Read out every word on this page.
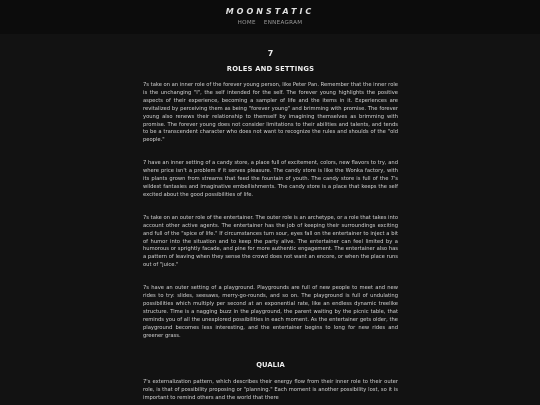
MOONSTATIC
HOME ENNEAGRAM
7
ROLES AND SETTINGS

7s take on an inner role of the forever young person, like Peter Pan. Remember that the inner role is the unchanging "I", the self intended for the self. The forever young highlights the positive aspects of their experience, becoming a sampler of life and the items in it. Experiences are revitalized by perceiving them as being "forever young" and brimming with promise. The forever young also renews their relationship to themself by imagining themselves as brimming with promise. The forever young does not consider limitations to their abilities and talents, and tends to be a transcendent character who does not want to recognize the rules and shoulds of the "old people."

7 have an inner setting of a candy store, a place full of excitement, colors, new flavors to try, and where price isn't a problem if it serves pleasure. The candy store is like the Wonka factory, with its plants grown from streams that feed the fountain of youth. The candy store is full of the 7's wildest fantasies and imaginative embellishments. The candy store is a place that keeps the self excited about the good possibilities of life.

7s take on an outer role of the entertainer. The outer role is an archetype, or a role that takes into account other active agents. The entertainer has the job of keeping their surroundings exciting and full of the "spice of life." If circumstances turn sour, eyes fall on the entertainer to inject a bit of humor into the situation and to keep the party alive. The entertainer can feel limited by a humorous or sprightly facade, and pine for more authentic engagement. The entertainer also has a pattern of leaving when they sense the crowd does not want an encore, or when the place runs out of "juice."

7s have an outer setting of a playground. Playgrounds are full of new people to meet and new rides to try: slides, seesaws, merry-go-rounds, and so on. The playground is full of undulating possibilities which multiply per second at an exponential rate, like an endless dynamic treelike structure. Time is a nagging buzz in the playground, the parent waiting by the picnic table, that reminds you of all the unexplored possibilities in each moment. As the entertainer gets older, the playground becomes less interesting, and the entertainer begins to long for new rides and greener grass.

QUALIA

7's externalization pattern, which describes their energy flow from their inner role to their outer role, is that of possibility proposing or "planning." Each moment is another possibility lost, so it is important to remind others and the world that there
